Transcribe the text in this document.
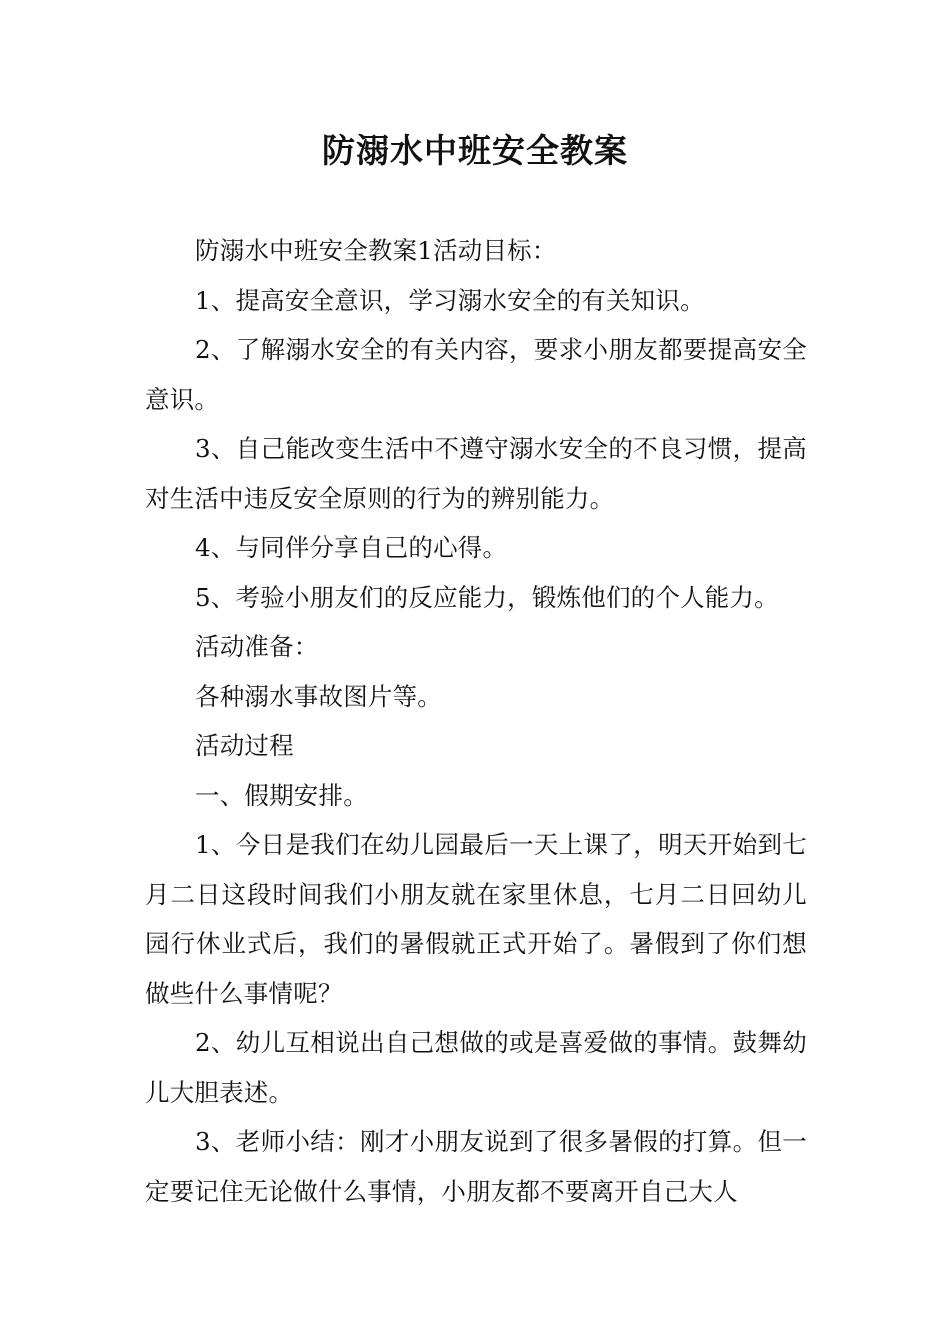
防溺水中班安全教案

防溺水中班安全教案1活动目标：

1、提高安全意识，学习溺水安全的有关知识。

2、了解溺水安全的有关内容，要求小朋友都要提高安全意识。

3、自己能改变生活中不遵守溺水安全的不良习惯，提高对生活中违反安全原则的行为的辨别能力。

4、与同伴分享自己的心得。

5、考验小朋友们的反应能力，锻炼他们的个人能力。

活动准备：

各种溺水事故图片等。

活动过程

一、假期安排。

1、今日是我们在幼儿园最后一天上课了，明天开始到七月二日这段时间我们小朋友就在家里休息，七月二日回幼儿园行休业式后，我们的暑假就正式开始了。暑假到了你们想做些什么事情呢？

2、幼儿互相说出自己想做的或是喜爱做的事情。鼓舞幼儿大胆表述。

3、老师小结：刚才小朋友说到了很多暑假的打算。但一定要记住无论做什么事情，小朋友都不要离开自己大人
